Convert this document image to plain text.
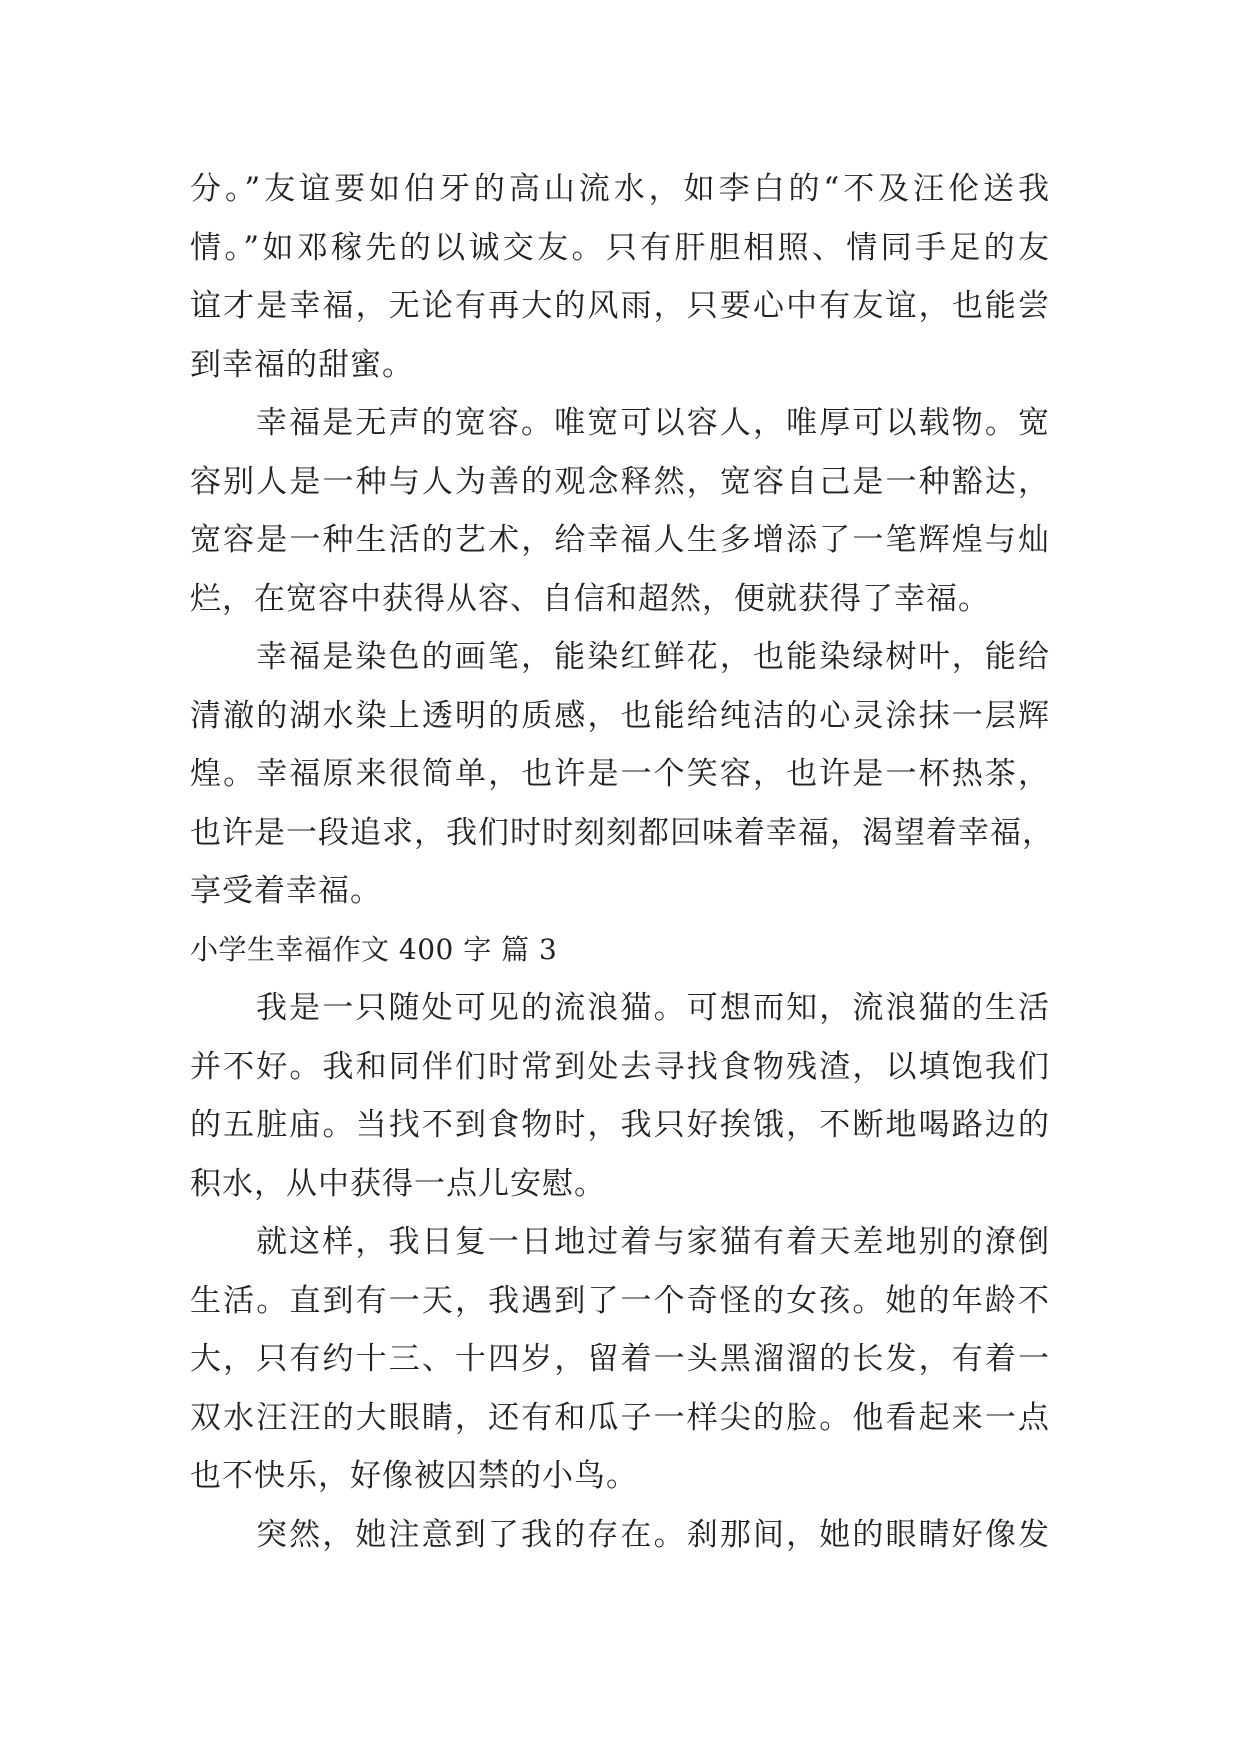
分。”友谊要如伯牙的高山流水，如李白的“不及汪伦送我
情。”如邓稼先的以诚交友。只有肝胆相照、情同手足的友
谊才是幸福，无论有再大的风雨，只要心中有友谊，也能尝
到幸福的甜蜜。
幸福是无声的宽容。唯宽可以容人，唯厚可以载物。宽
容别人是一种与人为善的观念释然，宽容自己是一种豁达，
宽容是一种生活的艺术，给幸福人生多增添了一笔辉煌与灿
烂，在宽容中获得从容、自信和超然，便就获得了幸福。
幸福是染色的画笔，能染红鲜花，也能染绿树叶，能给
清澈的湖水染上透明的质感，也能给纯洁的心灵涂抹一层辉
煌。幸福原来很简单，也许是一个笑容，也许是一杯热茶，
也许是一段追求，我们时时刻刻都回味着幸福，渴望着幸福，
享受着幸福。
小学生幸福作文 400 字 篇 3
我是一只随处可见的流浪猫。可想而知，流浪猫的生活
并不好。我和同伴们时常到处去寻找食物残渣，以填饱我们
的五脏庙。当找不到食物时，我只好挨饿，不断地喝路边的
积水，从中获得一点儿安慰。
就这样，我日复一日地过着与家猫有着天差地别的潦倒
生活。直到有一天，我遇到了一个奇怪的女孩。她的年龄不
大，只有约十三、十四岁，留着一头黑溜溜的长发，有着一
双水汪汪的大眼睛，还有和瓜子一样尖的脸。他看起来一点
也不快乐，好像被囚禁的小鸟。
突然，她注意到了我的存在。刹那间，她的眼睛好像发
